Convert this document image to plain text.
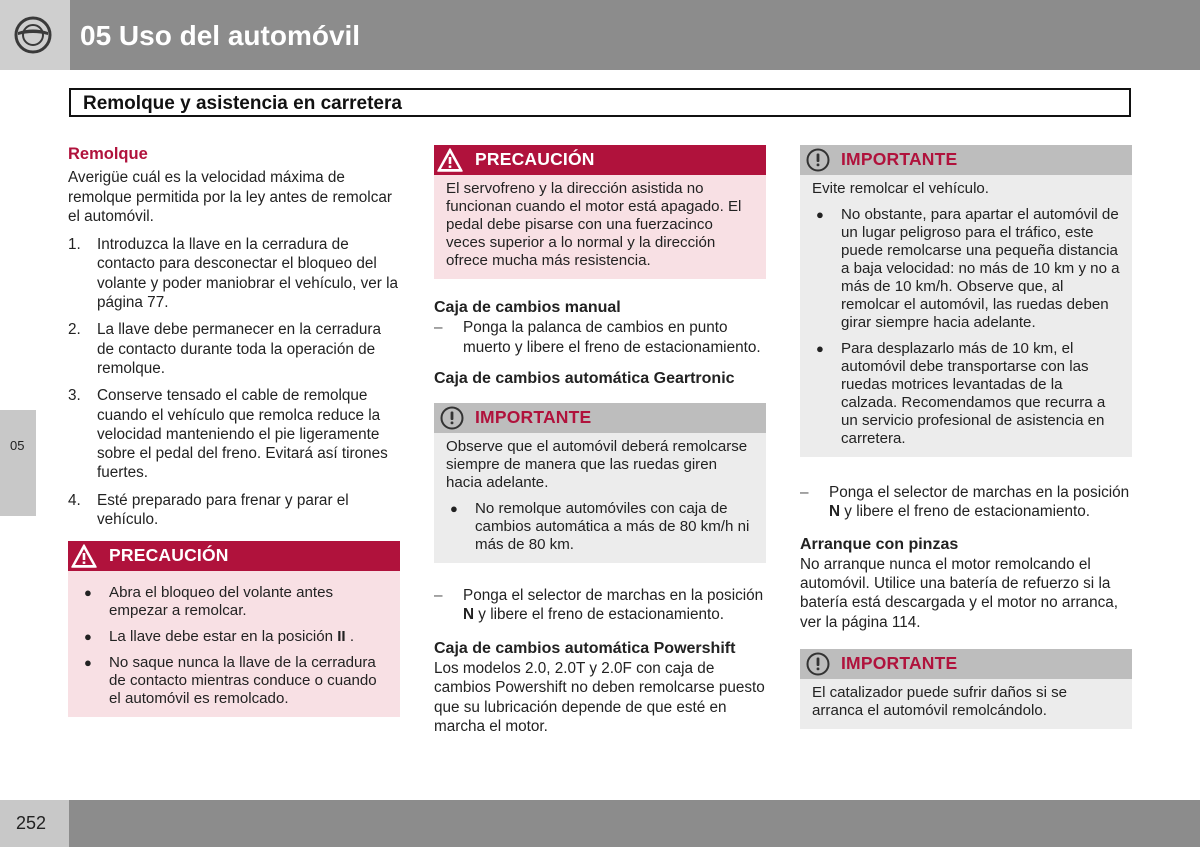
05 Uso del automóvil
Remolque y asistencia en carretera
05
Remolque

Averigüe cuál es la velocidad máxima de remolque permitida por la ley antes de remolcar el automóvil.

1. Introduzca la llave en la cerradura de contacto para desconectar el bloqueo del volante y poder maniobrar el vehículo, ver la página 77.
2. La llave debe permanecer en la cerradura de contacto durante toda la operación de remolque.
3. Conserve tensado el cable de remolque cuando el vehículo que remolca reduce la velocidad manteniendo el pie ligeramente sobre el pedal del freno. Evitará así tirones fuertes.
4. Esté preparado para frenar y parar el vehículo.
PRECAUCIÓN
● Abra el bloqueo del volante antes empezar a remolcar.
● La llave debe estar en la posición II .
● No saque nunca la llave de la cerradura de contacto mientras conduce o cuando el automóvil es remolcado.
PRECAUCIÓN

El servofreno y la dirección asistida no funcionan cuando el motor está apagado. El pedal debe pisarse con una fuerzacinco veces superior a lo normal y la dirección ofrece mucha más resistencia.

Caja de cambios manual
– Ponga la palanca de cambios en punto muerto y libere el freno de estacionamiento.
Caja de cambios automática Geartronic
IMPORTANTE

Observe que el automóvil deberá remolcarse siempre de manera que las ruedas giren hacia adelante.

● No remolque automóviles con caja de cambios automática a más de 80 km/h ni más de 80 km.
– Ponga el selector de marchas en la posición N y libere el freno de estacionamiento.
Caja de cambios automática Powershift

Los modelos 2.0, 2.0T y 2.0F con caja de cambios Powershift no deben remolcarse puesto que su lubricación depende de que esté en marcha el motor.

IMPORTANTE

Evite remolcar el vehículo.

● No obstante, para apartar el automóvil de un lugar peligroso para el tráfico, este puede remolcarse una pequeña distancia a baja velocidad: no más de 10 km y no a más de 10 km/h. Observe que, al remolcar el automóvil, las ruedas deben girar siempre hacia adelante.
● Para desplazarlo más de 10 km, el automóvil debe transportarse con las ruedas motrices levantadas de la calzada. Recomendamos que recurra a un servicio profesional de asistencia en carretera.
– Ponga el selector de marchas en la posición N y libere el freno de estacionamiento.
Arranque con pinzas

No arranque nunca el motor remolcando el automóvil. Utilice una batería de refuerzo si la batería está descargada y el motor no arranca, ver la página 114.

IMPORTANTE

El catalizador puede sufrir daños si se arranca el automóvil remolcándolo.

252
